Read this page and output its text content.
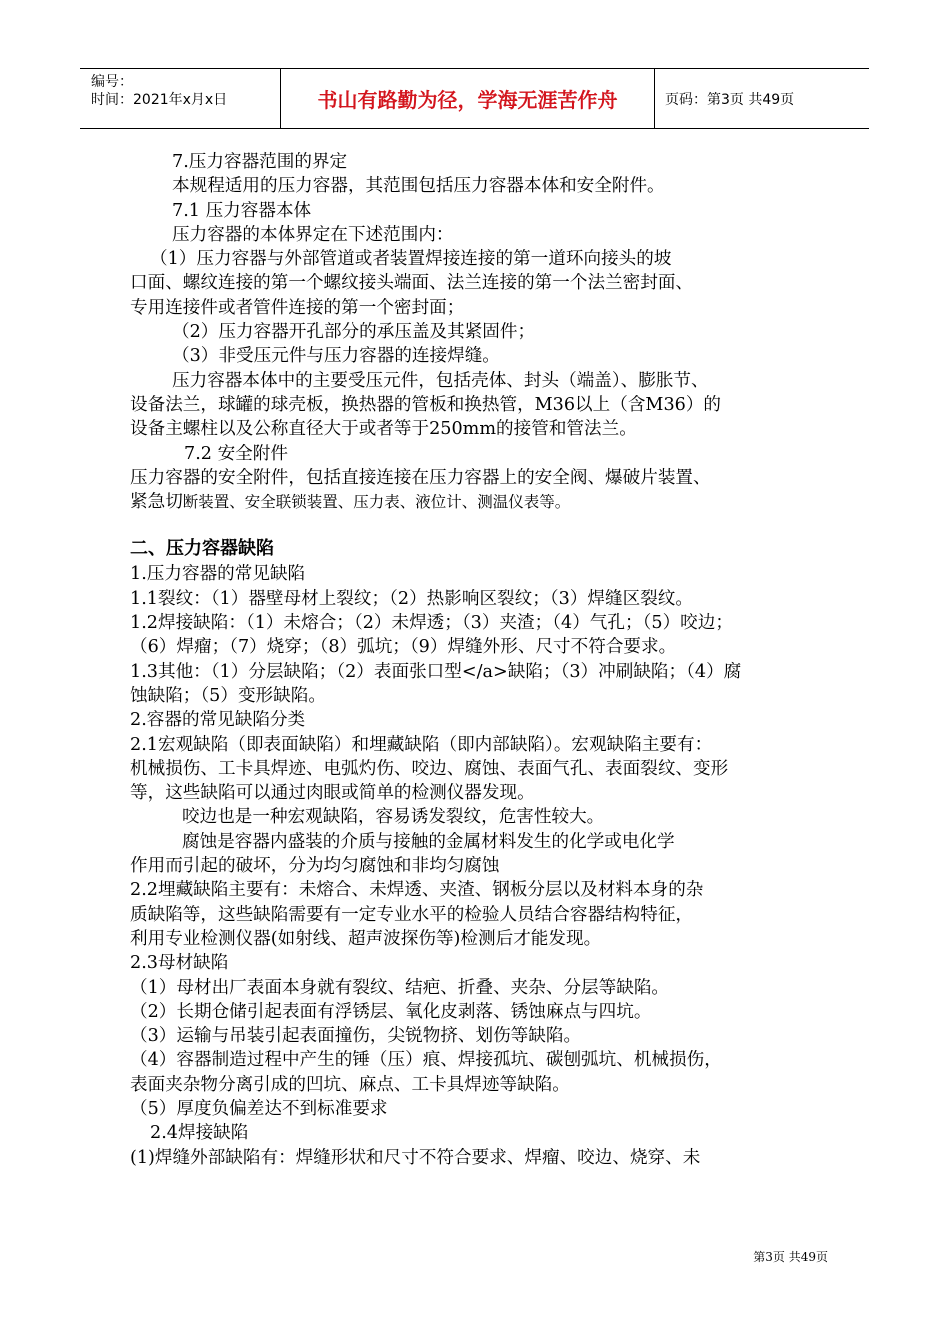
编号：
时间：2021年x月x日	书山有路勤为径，学海无涯苦作舟	页码：第3页 共49页
7.压力容器范围的界定
本规程适用的压力容器，其范围包括压力容器本体和安全附件。
7.1 压力容器本体
压力容器的本体界定在下述范围内：
（1）压力容器与外部管道或者装置焊接连接的第一道环向接头的坡
口面、螺纹连接的第一个螺纹接头端面、法兰连接的第一个法兰密封面、
专用连接件或者管件连接的第一个密封面；
（2）压力容器开孔部分的承压盖及其紧固件；
（3）非受压元件与压力容器的连接焊缝。
压力容器本体中的主要受压元件，包括壳体、封头（端盖）、膨胀节、
设备法兰，球罐的球壳板，换热器的管板和换热管，M36以上（含M36）的
设备主螺柱以及公称直径大于或者等于250mm的接管和管法兰。
7.2 安全附件
压力容器的安全附件，包括直接连接在压力容器上的安全阀、爆破片装置、
紧急切断装置、安全联锁装置、压力表、液位计、测温仪表等。
二、压力容器缺陷
1.压力容器的常见缺陷
1.1裂纹：（1）器壁母材上裂纹；（2）热影响区裂纹；（3）焊缝区裂纹。
1.2焊接缺陷：（1）未熔合；（2）未焊透；（3）夹渣；（4）气孔；（5）咬边；
（6）焊瘤；（7）烧穿；（8）弧坑；（9）焊缝外形、尺寸不符合要求。
1.3其他：（1）分层缺陷；（2）表面张口型</a>缺陷；（3）冲刷缺陷；（4）腐
蚀缺陷；（5）变形缺陷。
2.容器的常见缺陷分类
2.1宏观缺陷（即表面缺陷）和埋藏缺陷（即内部缺陷）。宏观缺陷主要有：
机械损伤、工卡具焊迹、电弧灼伤、咬边、腐蚀、表面气孔、表面裂纹、变形
等，这些缺陷可以通过肉眼或简单的检测仪器发现。
咬边也是一种宏观缺陷，容易诱发裂纹，危害性较大。
腐蚀是容器内盛装的介质与接触的金属材料发生的化学或电化学
作用而引起的破坏，分为均匀腐蚀和非均匀腐蚀
2.2埋藏缺陷主要有：未熔合、未焊透、夹渣、钢板分层以及材料本身的杂
质缺陷等，这些缺陷需要有一定专业水平的检验人员结合容器结构特征，
利用专业检测仪器(如射线、超声波探伤等)检测后才能发现。
2.3母材缺陷
（1）母材出厂表面本身就有裂纹、结疤、折叠、夹杂、分层等缺陷。
（2）长期仓储引起表面有浮锈层、氧化皮剥落、锈蚀麻点与四坑。
（3）运输与吊装引起表面撞伤，尖锐物挤、划伤等缺陷。
（4）容器制造过程中产生的锤（压）痕、焊接孤坑、碳刨弧坑、机械损伤，
表面夹杂物分离引成的凹坑、麻点、工卡具焊迹等缺陷。
（5）厚度负偏差达不到标准要求
2.4焊接缺陷
(1)焊缝外部缺陷有：焊缝形状和尺寸不符合要求、焊瘤、咬边、烧穿、未
第3页 共49页
